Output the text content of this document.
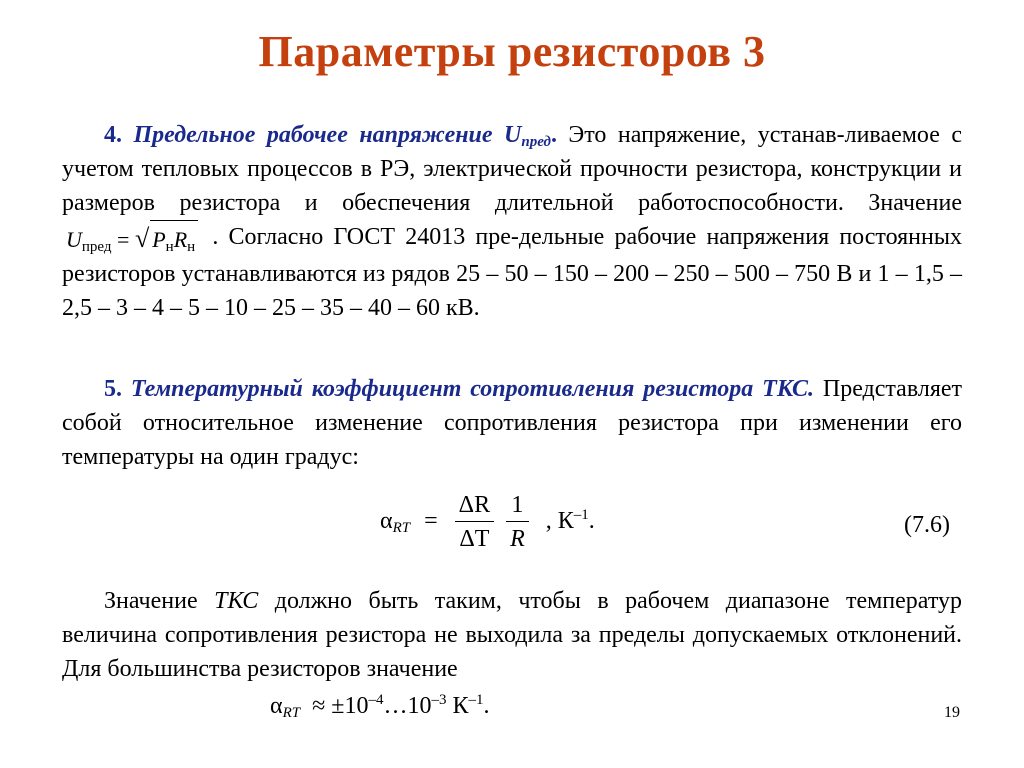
Параметры резисторов 3
4. Предельное рабочее напряжение $U_{пред}$. Это напряжение, устанав-ливаемое с учетом тепловых процессов в РЭ, электрической прочности резистора, конструкции и размеров резистора и обеспечения длительной работоспособности. Значение $U_{пред}$ = √ $P_нR_н$ . Согласно ГОСТ 24013 пре-дельные рабочие напряжения постоянных резисторов устанавливаются из рядов 25 – 50 – 150 – 200 – 250 – 500 – 750 В и 1 – 1,5 – 2,5 – 3 – 4 – 5 – 10 – 25 – 35 – 40 – 60 кВ.
5. Температурный коэффициент сопротивления резистора ТКС. Представляет собой относительное изменение сопротивления резистора при изменении его температуры на один градус:
$\alpha_{RT} = \frac{\Delta R}{\Delta T}$
$\frac{1}{R}$ , $К^{-1}$.	(7.6)
Значение ТКС должно быть таким, чтобы в рабочем диапазоне температур величина сопротивления резистора не выходила за пределы допускаемых отклонений. Для большинства резисторов значение
$\alpha_{RT}$ ≈ $\pm 10^{-4}\dots 10^{-3}$ $К^{-1}$.	19
